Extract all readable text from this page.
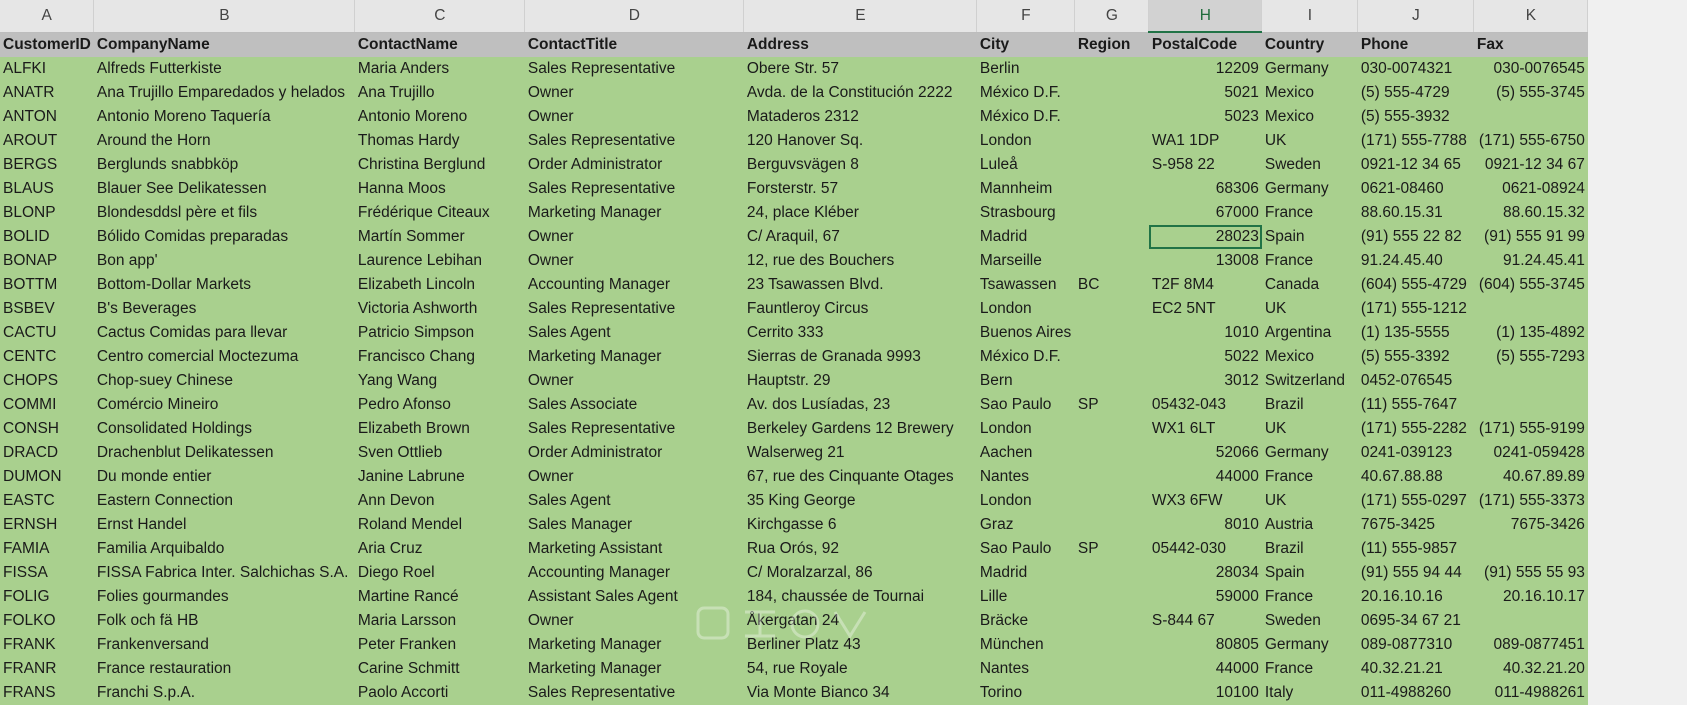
A	B	C	D	E	F	G	H	I	J	K
CustomerID	CompanyName	ContactName	ContactTitle	Address	City	Region	PostalCode	Country	Phone	Fax
ALFKI	Alfreds Futterkiste	Maria Anders	Sales Representative	Obere Str. 57	Berlin		12209	Germany	030-0074321	030-0076545
ANATR	Ana Trujillo Emparedados y helados	Ana Trujillo	Owner	Avda. de la Constitución 2222	México D.F.		5021	Mexico	(5) 555-4729	(5) 555-3745
ANTON	Antonio Moreno Taquería	Antonio Moreno	Owner	Mataderos 2312	México D.F.		5023	Mexico	(5) 555-3932	
AROUT	Around the Horn	Thomas Hardy	Sales Representative	120 Hanover Sq.	London		WA1 1DP	UK	(171) 555-7788	(171) 555-6750
BERGS	Berglunds snabbköp	Christina Berglund	Order Administrator	Berguvsvägen 8	Luleå		S-958 22	Sweden	0921-12 34 65	0921-12 34 67
BLAUS	Blauer See Delikatessen	Hanna Moos	Sales Representative	Forsterstr. 57	Mannheim		68306	Germany	0621-08460	0621-08924
BLONP	Blondesddsl père et fils	Frédérique Citeaux	Marketing Manager	24, place Kléber	Strasbourg		67000	France	88.60.15.31	88.60.15.32
BOLID	Bólido Comidas preparadas	Martín Sommer	Owner	C/ Araquil, 67	Madrid		28023	Spain	(91) 555 22 82	(91) 555 91 99
BONAP	Bon app'	Laurence Lebihan	Owner	12, rue des Bouchers	Marseille		13008	France	91.24.45.40	91.24.45.41
BOTTM	Bottom-Dollar Markets	Elizabeth Lincoln	Accounting Manager	23 Tsawassen Blvd.	Tsawassen	BC	T2F 8M4	Canada	(604) 555-4729	(604) 555-3745
BSBEV	B's Beverages	Victoria Ashworth	Sales Representative	Fauntleroy Circus	London		EC2 5NT	UK	(171) 555-1212	
CACTU	Cactus Comidas para llevar	Patricio Simpson	Sales Agent	Cerrito 333	Buenos Aires		1010	Argentina	(1) 135-5555	(1) 135-4892
CENTC	Centro comercial Moctezuma	Francisco Chang	Marketing Manager	Sierras de Granada 9993	México D.F.		5022	Mexico	(5) 555-3392	(5) 555-7293
CHOPS	Chop-suey Chinese	Yang Wang	Owner	Hauptstr. 29	Bern		3012	Switzerland	0452-076545	
COMMI	Comércio Mineiro	Pedro Afonso	Sales Associate	Av. dos Lusíadas, 23	Sao Paulo	SP	05432-043	Brazil	(11) 555-7647	
CONSH	Consolidated Holdings	Elizabeth Brown	Sales Representative	Berkeley Gardens 12 Brewery	London		WX1 6LT	UK	(171) 555-2282	(171) 555-9199
DRACD	Drachenblut Delikatessen	Sven Ottlieb	Order Administrator	Walserweg 21	Aachen		52066	Germany	0241-039123	0241-059428
DUMON	Du monde entier	Janine Labrune	Owner	67, rue des Cinquante Otages	Nantes		44000	France	40.67.88.88	40.67.89.89
EASTC	Eastern Connection	Ann Devon	Sales Agent	35 King George	London		WX3 6FW	UK	(171) 555-0297	(171) 555-3373
ERNSH	Ernst Handel	Roland Mendel	Sales Manager	Kirchgasse 6	Graz		8010	Austria	7675-3425	7675-3426
FAMIA	Familia Arquibaldo	Aria Cruz	Marketing Assistant	Rua Orós, 92	Sao Paulo	SP	05442-030	Brazil	(11) 555-9857	
FISSA	FISSA Fabrica Inter. Salchichas S.A.	Diego Roel	Accounting Manager	C/ Moralzarzal, 86	Madrid		28034	Spain	(91) 555 94 44	(91) 555 55 93
FOLIG	Folies gourmandes	Martine Rancé	Assistant Sales Agent	184, chaussée de Tournai	Lille		59000	France	20.16.10.16	20.16.10.17
FOLKO	Folk och fä HB	Maria Larsson	Owner	Åkergatan 24	Bräcke		S-844 67	Sweden	0695-34 67 21	
FRANK	Frankenversand	Peter Franken	Marketing Manager	Berliner Platz 43	München		80805	Germany	089-0877310	089-0877451
FRANR	France restauration	Carine Schmitt	Marketing Manager	54, rue Royale	Nantes		44000	France	40.32.21.21	40.32.21.20
FRANS	Franchi S.p.A.	Paolo Accorti	Sales Representative	Via Monte Bianco 34	Torino		10100	Italy	011-4988260	011-4988261
